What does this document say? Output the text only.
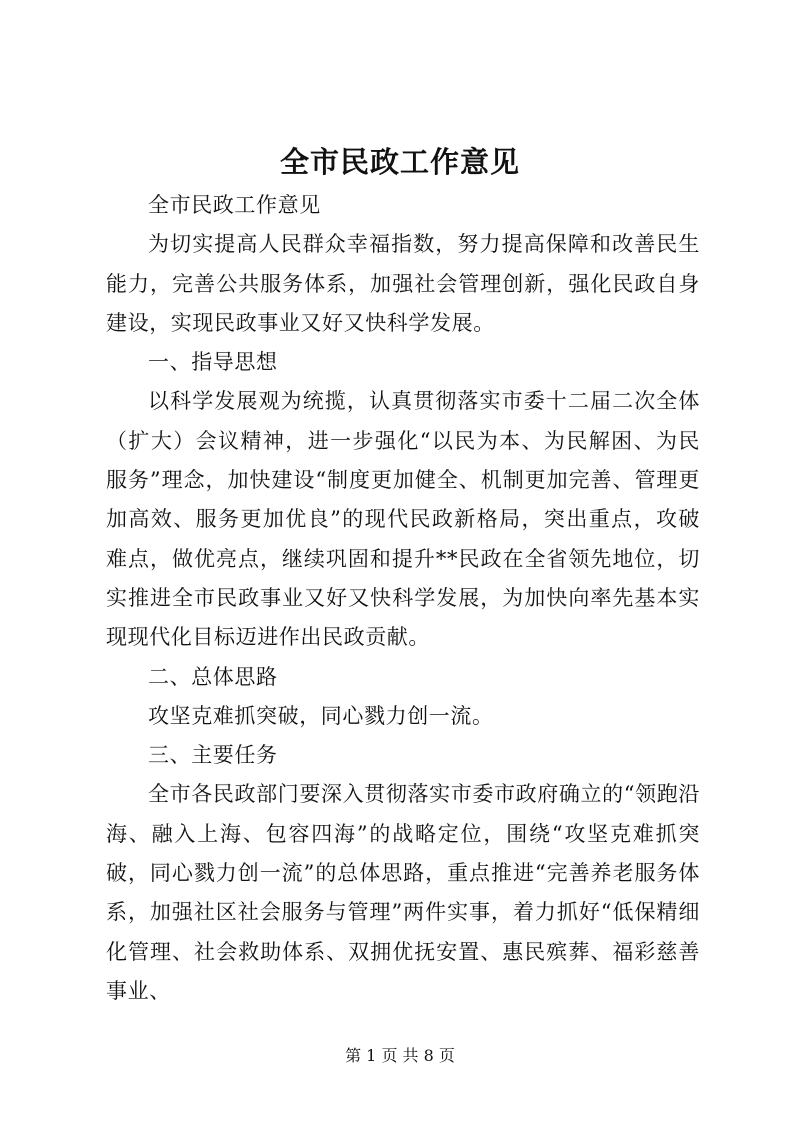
全市民政工作意见

全市民政工作意见

为切实提高人民群众幸福指数，努力提高保障和改善民生能力，完善公共服务体系，加强社会管理创新，强化民政自身建设，实现民政事业又好又快科学发展。

一、指导思想

以科学发展观为统揽，认真贯彻落实市委十二届二次全体（扩大）会议精神，进一步强化“以民为本、为民解困、为民服务”理念，加快建设“制度更加健全、机制更加完善、管理更加高效、服务更加优良”的现代民政新格局，突出重点，攻破难点，做优亮点，继续巩固和提升**民政在全省领先地位，切实推进全市民政事业又好又快科学发展，为加快向率先基本实现现代化目标迈进作出民政贡献。

二、总体思路

攻坚克难抓突破，同心戮力创一流。

三、主要任务

全市各民政部门要深入贯彻落实市委市政府确立的“领跑沿海、融入上海、包容四海”的战略定位，围绕“攻坚克难抓突破，同心戮力创一流”的总体思路，重点推进“完善养老服务体系，加强社区社会服务与管理”两件实事，着力抓好“低保精细化管理、社会救助体系、双拥优抚安置、惠民殡葬、福彩慈善事业、

第 1 页 共 8 页
